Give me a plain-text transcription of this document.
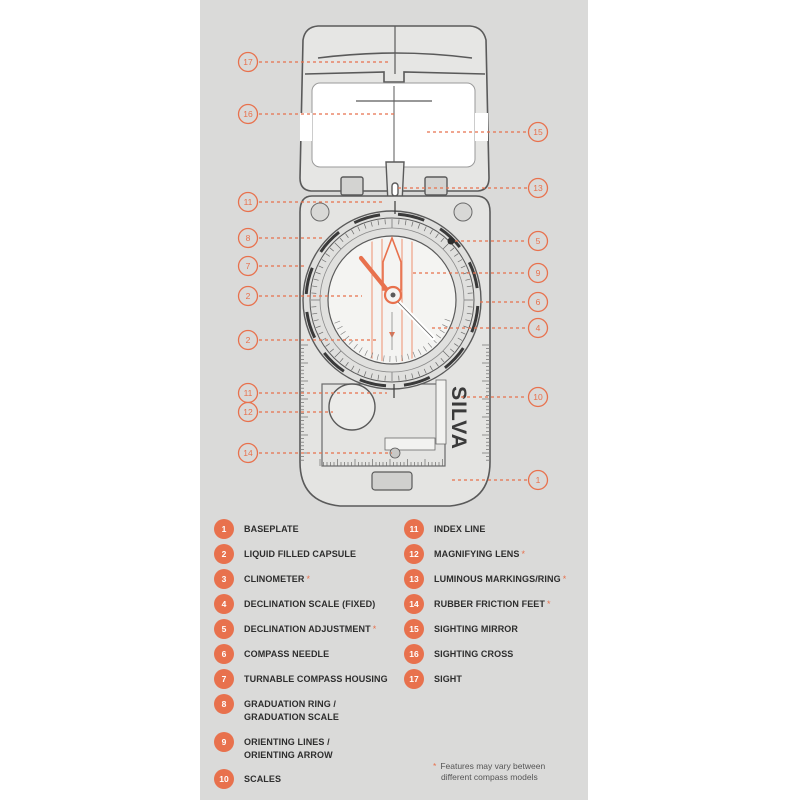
SILVA
17
16
15
13
11
8	5
7
9
2
6
2
4
11	10
12
14
1
1	BASEPLATE
2	LIQUID FILLED CAPSULE
3	CLINOMETER *
4	DECLINATION SCALE (FIXED)
5	DECLINATION ADJUSTMENT *
6	COMPASS NEEDLE
7	TURNABLE COMPASS HOUSING
8	GRADUATION RING /
GRADUATION SCALE
9	ORIENTING LINES /
ORIENTING ARROW
10	SCALES
11	INDEX LINE
12	MAGNIFYING LENS *
13	LUMINOUS MARKINGS/RING *
14	RUBBER FRICTION FEET *
15	SIGHTING MIRROR
16	SIGHTING CROSS
17	SIGHT
* Features may vary between
different compass models
